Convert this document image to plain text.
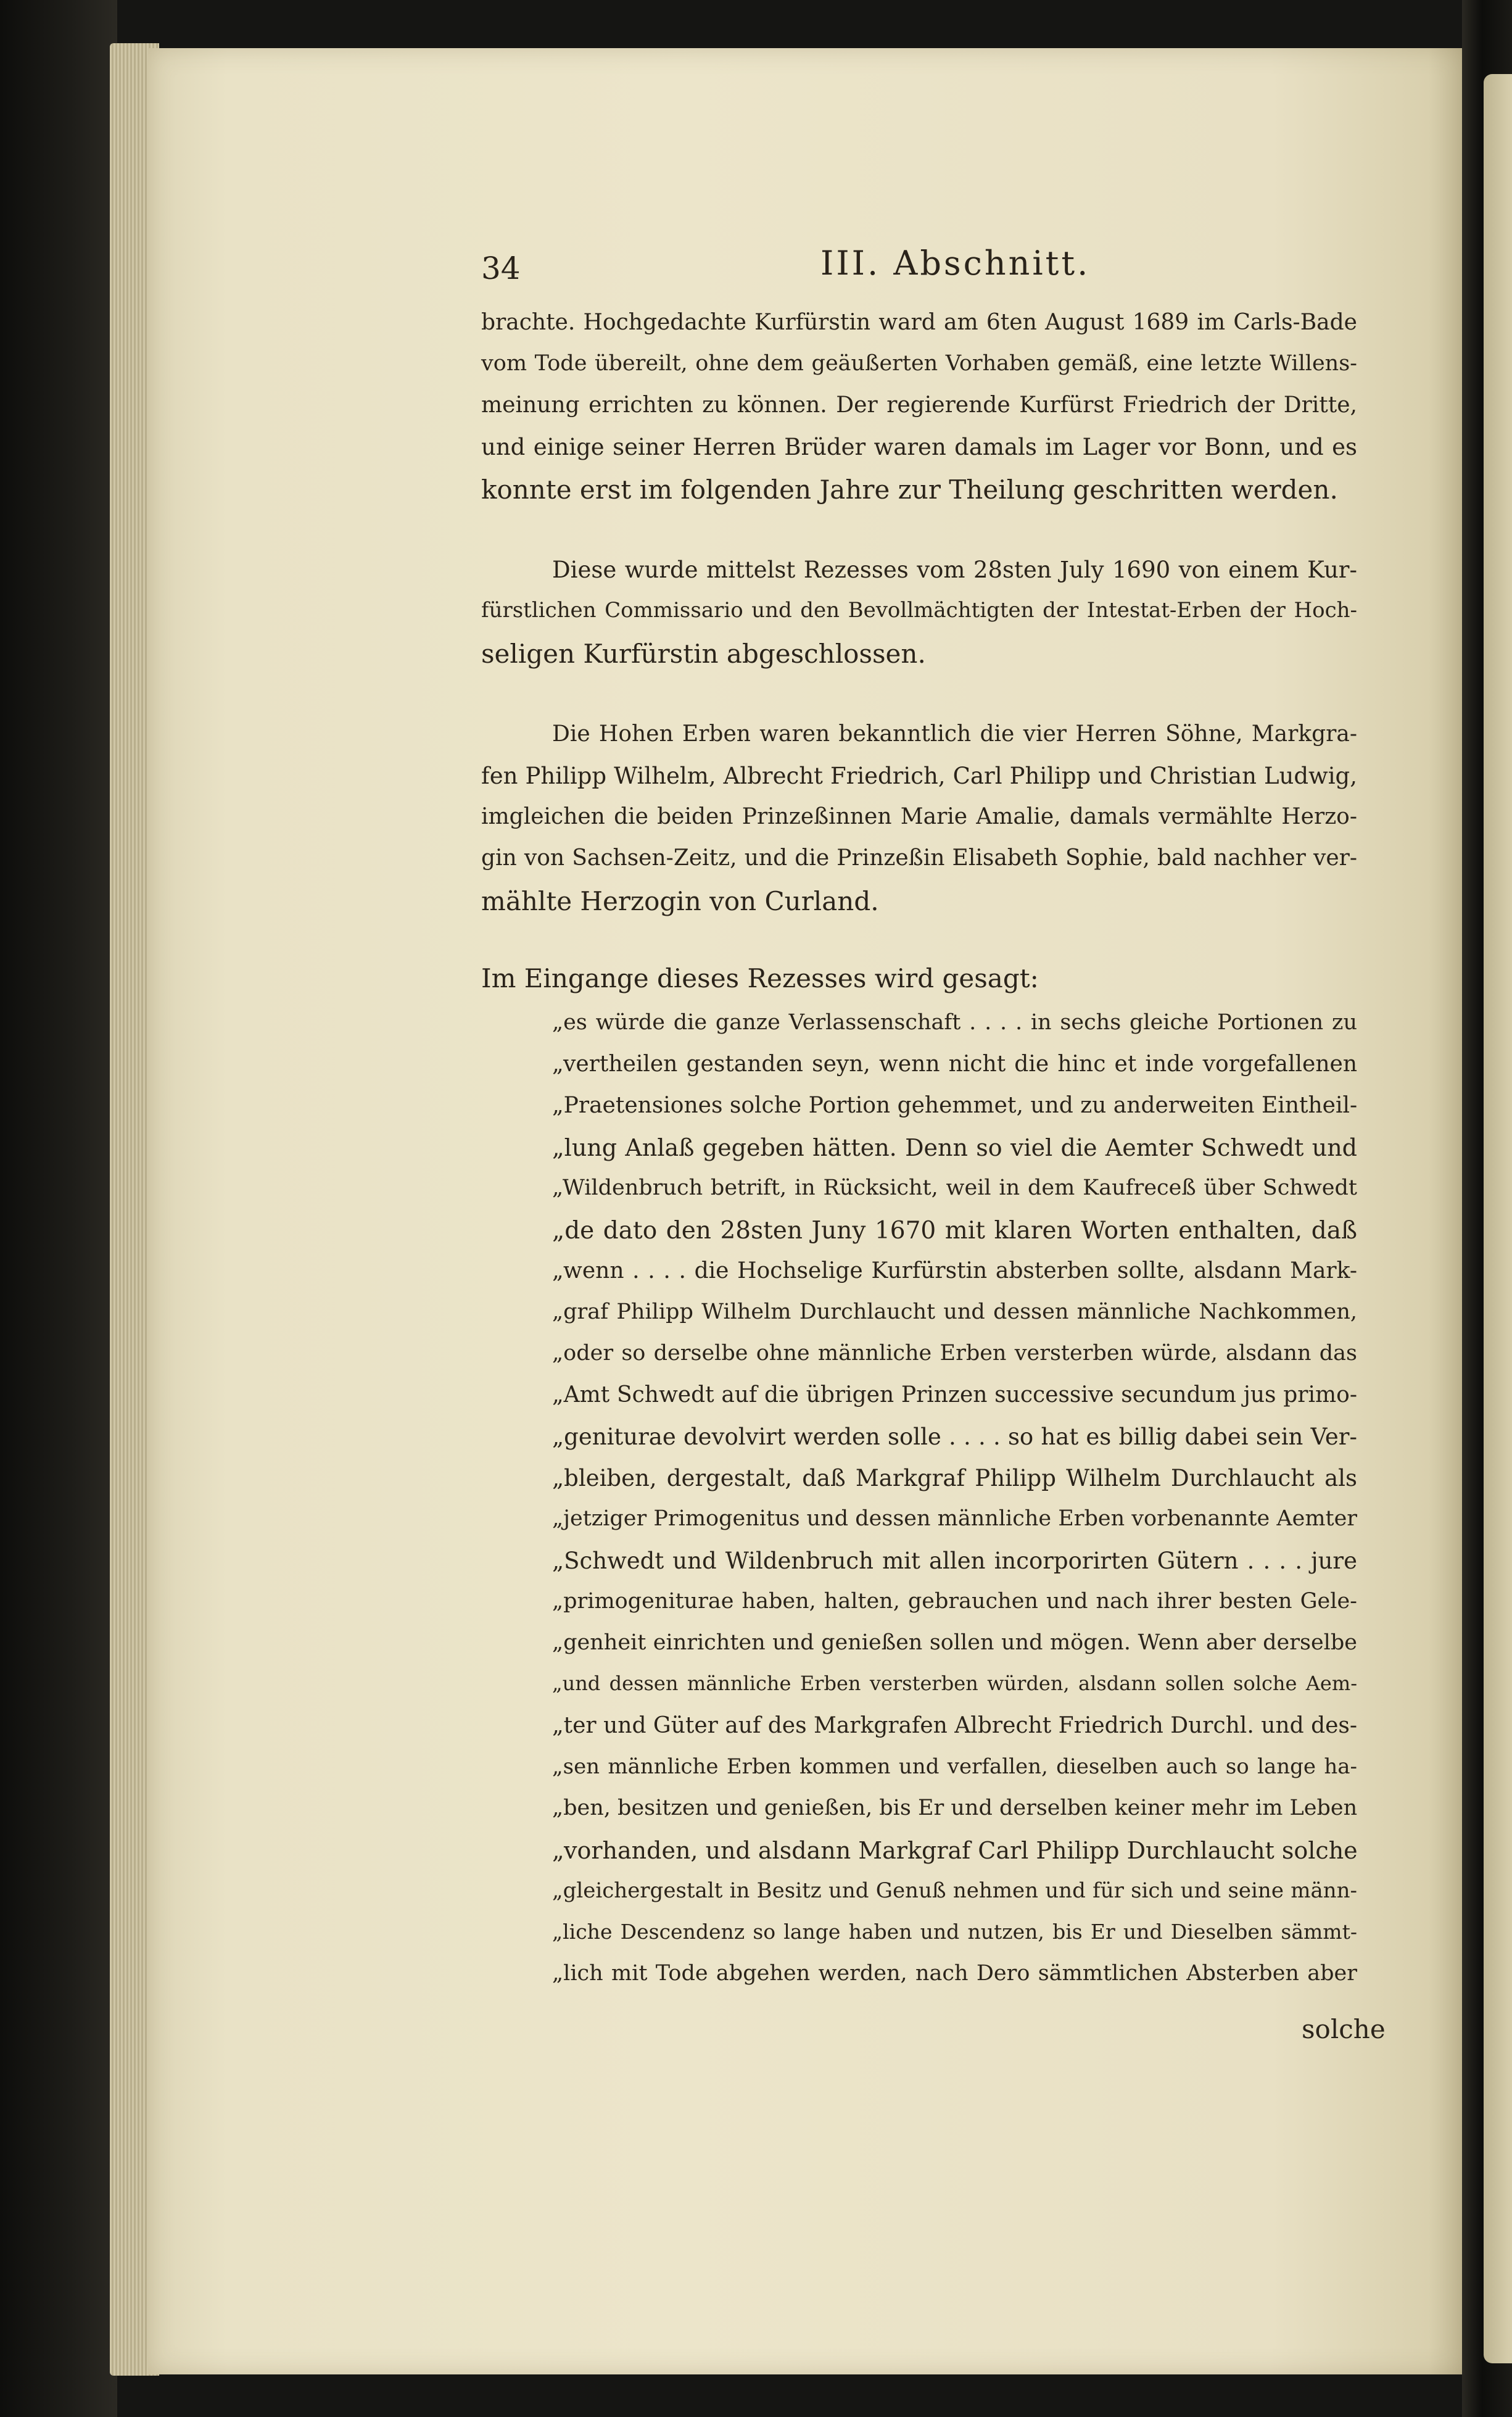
34	III. Abschnitt.
brachte. Hochgedachte Kurfürstin ward am 6ten August 1689 im Carls-Bade
vom Tode übereilt, ohne dem geäußerten Vorhaben gemäß, eine letzte Willens-
meinung errichten zu können. Der regierende Kurfürst Friedrich der Dritte,
und einige seiner Herren Brüder waren damals im Lager vor Bonn, und es
konnte erst im folgenden Jahre zur Theilung geschritten werden.
Diese wurde mittelst Rezesses vom 28sten July 1690 von einem Kur-
fürstlichen Commissario und den Bevollmächtigten der Intestat-Erben der Hoch-
seligen Kurfürstin abgeschlossen.
Die Hohen Erben waren bekanntlich die vier Herren Söhne, Markgra-
fen Philipp Wilhelm, Albrecht Friedrich, Carl Philipp und Christian Ludwig,
imgleichen die beiden Prinzeßinnen Marie Amalie, damals vermählte Herzo-
gin von Sachsen-Zeitz, und die Prinzeßin Elisabeth Sophie, bald nachher ver-
mählte Herzogin von Curland.
Im Eingange dieses Rezesses wird gesagt:
„es würde die ganze Verlassenschaft . . . . in sechs gleiche Portionen zu
„vertheilen gestanden seyn, wenn nicht die hinc et inde vorgefallenen
„Praetensiones solche Portion gehemmet, und zu anderweiten Eintheil-
„lung Anlaß gegeben hätten. Denn so viel die Aemter Schwedt und
„Wildenbruch betrift, in Rücksicht, weil in dem Kaufreceß über Schwedt
„de dato den 28sten Juny 1670 mit klaren Worten enthalten, daß
„wenn . . . . die Hochselige Kurfürstin absterben sollte, alsdann Mark-
„graf Philipp Wilhelm Durchlaucht und dessen männliche Nachkommen,
„oder so derselbe ohne männliche Erben versterben würde, alsdann das
„Amt Schwedt auf die übrigen Prinzen successive secundum jus primo-
„geniturae devolvirt werden solle . . . . so hat es billig dabei sein Ver-
„bleiben, dergestalt, daß Markgraf Philipp Wilhelm Durchlaucht als
„jetziger Primogenitus und dessen männliche Erben vorbenannte Aemter
„Schwedt und Wildenbruch mit allen incorporirten Gütern . . . . jure
„primogeniturae haben, halten, gebrauchen und nach ihrer besten Gele-
„genheit einrichten und genießen sollen und mögen. Wenn aber derselbe
„und dessen männliche Erben versterben würden, alsdann sollen solche Aem-
„ter und Güter auf des Markgrafen Albrecht Friedrich Durchl. und des-
„sen männliche Erben kommen und verfallen, dieselben auch so lange ha-
„ben, besitzen und genießen, bis Er und derselben keiner mehr im Leben
„vorhanden, und alsdann Markgraf Carl Philipp Durchlaucht solche
„gleichergestalt in Besitz und Genuß nehmen und für sich und seine männ-
„liche Descendenz so lange haben und nutzen, bis Er und Dieselben sämmt-
„lich mit Tode abgehen werden, nach Dero sämmtlichen Absterben aber
solche
